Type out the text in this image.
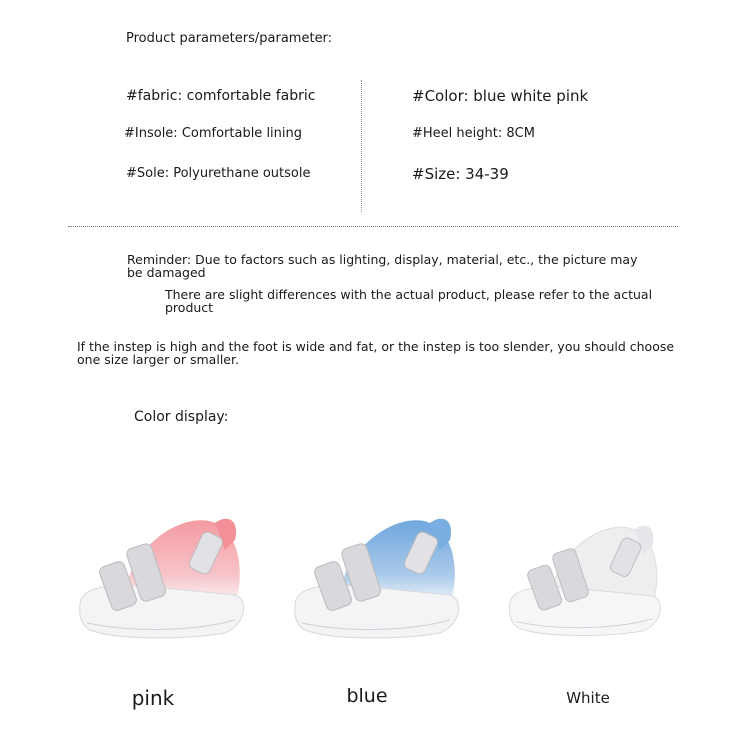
Product parameters/parameter:
#fabric: comfortable fabric
#Insole: Comfortable lining
#Sole: Polyurethane outsole
#Color: blue white pink
#Heel height: 8CM
#Size: 34-39
Reminder: Due to factors such as lighting, display, material, etc., the picture may be damaged
There are slight differences with the actual product, please refer to the actual product
If the instep is high and the foot is wide and fat, or the instep is too slender, you should choose one size larger or smaller.
Color display:
pink	blue	White
